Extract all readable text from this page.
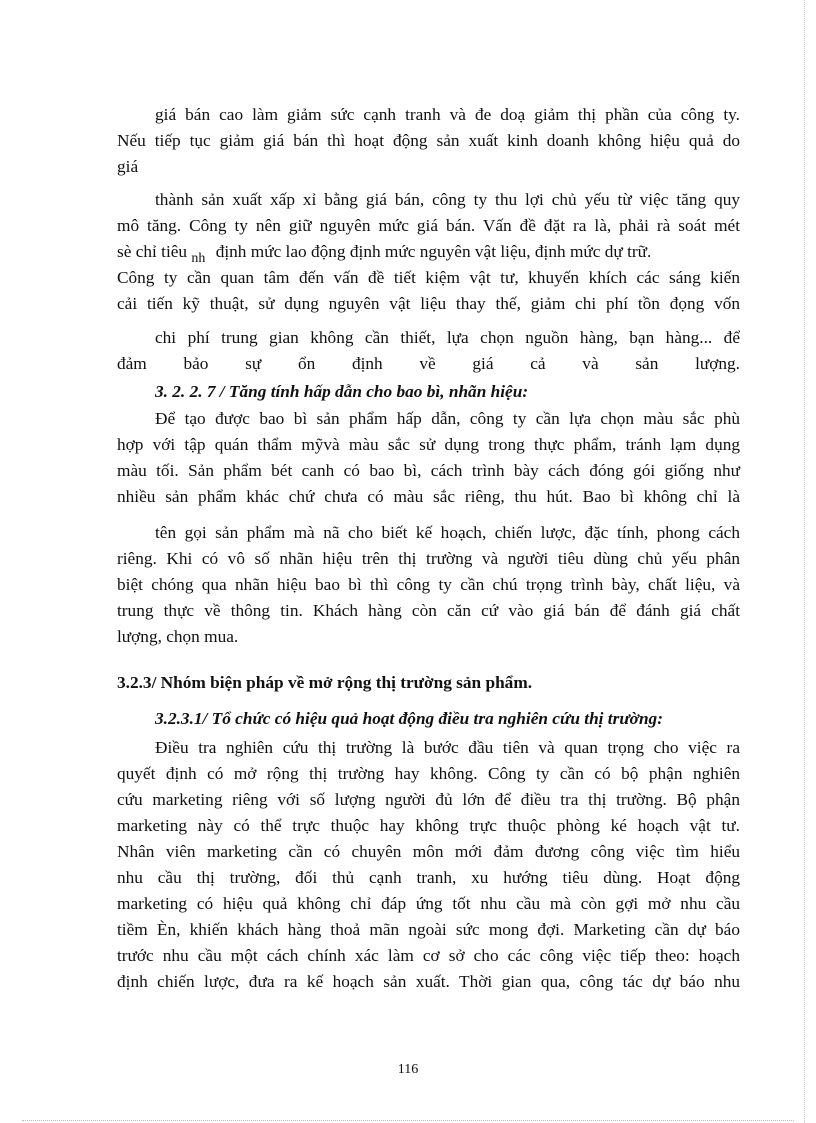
giá bán cao làm giảm sức cạnh tranh và đe doạ giảm thị phần của công ty.
Nếu tiếp tục giảm giá bán thì hoạt động sản xuất kinh doanh không hiệu quả do
giá
thành sản xuất xấp xỉ bằng giá bán, công ty thu lợi chủ yếu từ việc tăng quy
mô tăng. Công ty nên giữ nguyên mức giá bán. Vấn đề đặt ra là, phải rà soát mét
sè chỉ tiêu $_{nh}$ định mức lao động định mức nguyên vật liệu, định mức dự trữ.
Công ty cần quan tâm đến vấn đề tiết kiệm vật tư, khuyến khích các sáng kiến
cải tiến kỹ thuật, sử dụng nguyên vật liệu thay thế, giảm chi phí tồn đọng vốn
chi phí trung gian không cần thiết, lựa chọn nguồn hàng, bạn hàng... để
đảm bảo sự ổn định về giá cả và sản lượng.
3. 2. 2. 7 / Tăng tính hấp dẫn cho bao bì, nhãn hiệu:
Để tạo được bao bì sản phẩm hấp dẫn, công ty cần lựa chọn màu sắc phù
hợp với tập quán thẩm mỹvà màu sắc sử dụng trong thực phẩm, tránh lạm dụng
màu tối. Sản phẩm bét canh có bao bì, cách trình bày cách đóng gói giống như
nhiều sản phẩm khác chứ chưa có màu sắc riêng, thu hút. Bao bì không chỉ là
tên gọi sản phẩm mà nã cho biết kế hoạch, chiến lược, đặc tính, phong cách
riêng. Khi có vô số nhãn hiệu trên thị trường và người tiêu dùng chủ yếu phân
biệt chóng qua nhãn hiệu bao bì thì công ty cần chú trọng trình bày, chất liệu, và
trung thực về thông tin. Khách hàng còn căn cứ vào giá bán để đánh giá chất
lượng, chọn mua.
3.2.3/ Nhóm biện pháp về mở rộng thị trường sản phẩm.
3.2.3.1/ Tổ chức có hiệu quả hoạt động điều tra nghiên cứu thị trường:
Điều tra nghiên cứu thị trường là bước đầu tiên và quan trọng cho việc ra
quyết định có mở rộng thị trường hay không. Công ty cần có bộ phận nghiên
cứu marketing riêng với số lượng người đủ lớn để điều tra thị trường. Bộ phận
marketing này có thể trực thuộc hay không trực thuộc phòng ké hoạch vật tư.
Nhân viên marketing cần có chuyên môn mới đảm đương công việc tìm hiểu
nhu cầu thị trường, đối thủ cạnh tranh, xu hướng tiêu dùng. Hoạt động
marketing có hiệu quả không chỉ đáp ứng tốt nhu cầu mà còn gợi mở nhu cầu
tiềm Èn, khiến khách hàng thoả mãn ngoài sức mong đợi. Marketing cần dự báo
trước nhu cầu một cách chính xác làm cơ sở cho các công việc tiếp theo: hoạch
định chiến lược, đưa ra kế hoạch sản xuất. Thời gian qua, công tác dự báo nhu
116
